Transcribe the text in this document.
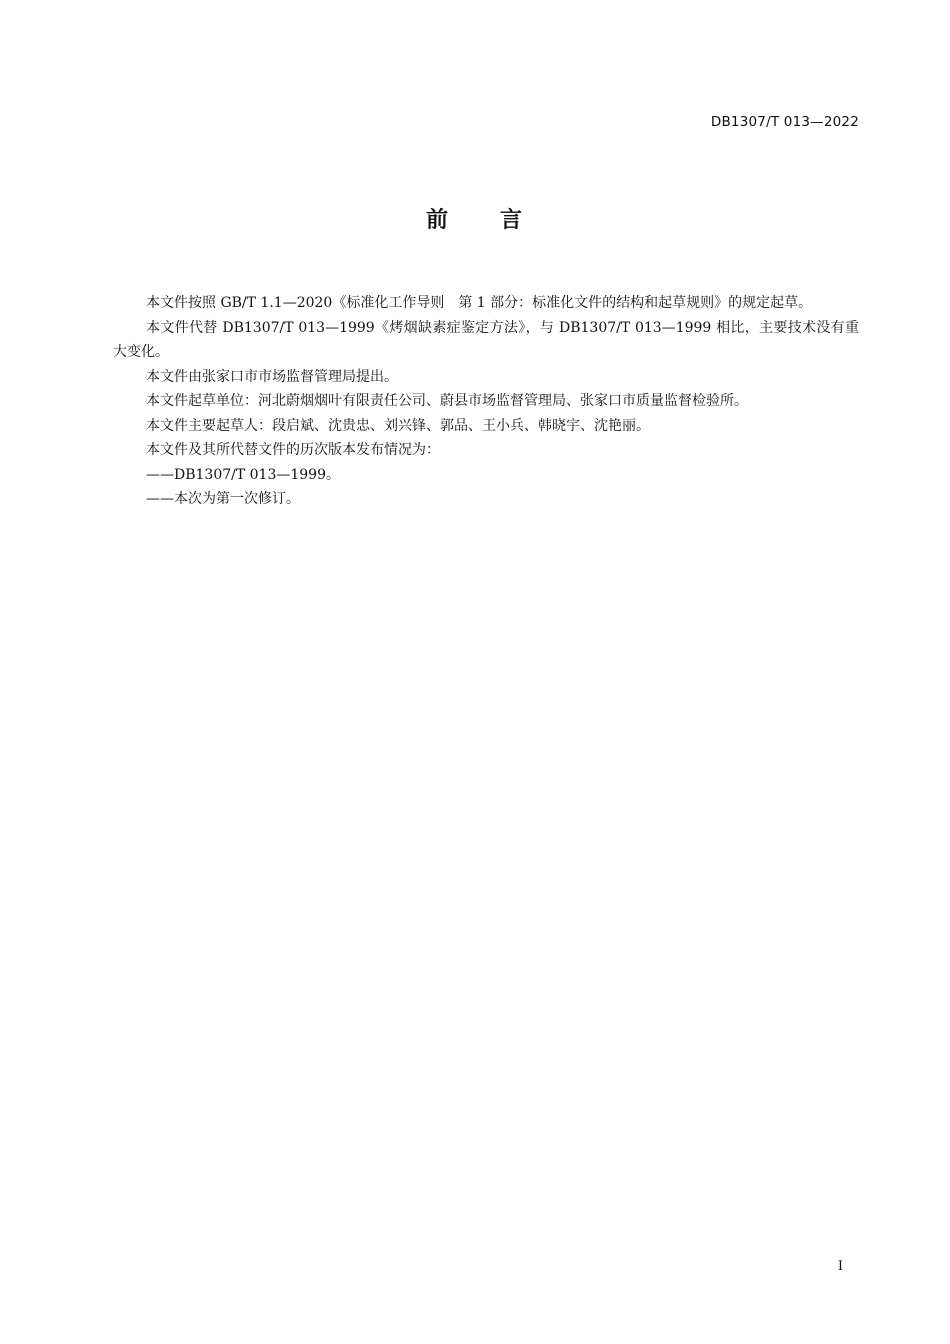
DB1307/T 013—2022
前 言

本文件按照 GB/T 1.1—2020《标准化工作导则　第 1 部分：标准化文件的结构和起草规则》的规定起草。

本文件代替 DB1307/T 013—1999《烤烟缺素症鉴定方法》，与 DB1307/T 013—1999 相比，主要技术没有重大变化。

本文件由张家口市市场监督管理局提出。

本文件起草单位：河北蔚烟烟叶有限责任公司、蔚县市场监督管理局、张家口市质量监督检验所。

本文件主要起草人：段启斌、沈贵忠、刘兴锋、郭品、王小兵、韩晓宇、沈艳丽。

本文件及其所代替文件的历次版本发布情况为：

——DB1307/T 013—1999。

——本次为第一次修订。

I
